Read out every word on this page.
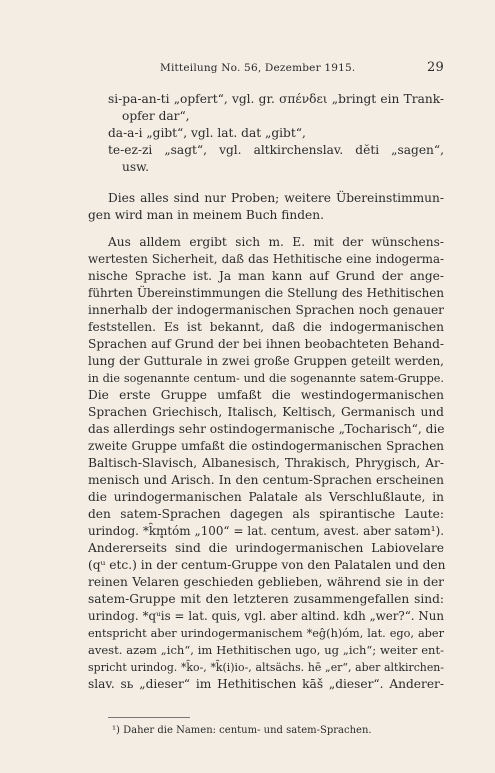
Mitteilung No. 56, Dezember 1915.	29
si-pa-an-ti „opfert“, vgl. gr. σπένδει „bringt ein Trank-
opfer dar“,
da-a-i „gibt“, vgl. lat. dat „gibt“,
te-ez-zi „sagt“, vgl. altkirchenslav. dĕti „sagen“,
usw.
Dies alles sind nur Proben; weitere Übereinstimmun-
gen wird man in meinem Buch finden.
Aus alldem ergibt sich m. E. mit der wünschens-
wertesten Sicherheit, daß das Hethitische eine indogerma-
nische Sprache ist. Ja man kann auf Grund der ange-
führten Übereinstimmungen die Stellung des Hethitischen
innerhalb der indogermanischen Sprachen noch genauer
feststellen. Es ist bekannt, daß die indogermanischen
Sprachen auf Grund der bei ihnen beobachteten Behand-
lung der Gutturale in zwei große Gruppen geteilt werden,
in die sogenannte centum- und die sogenannte satem-Gruppe.
Die erste Gruppe umfaßt die westindogermanischen
Sprachen Griechisch, Italisch, Keltisch, Germanisch und
das allerdings sehr ostindogermanische „Tocharisch“, die
zweite Gruppe umfaßt die ostindogermanischen Sprachen
Baltisch-Slavisch, Albanesisch, Thrakisch, Phrygisch, Ar-
menisch und Arisch. In den centum-Sprachen erscheinen
die urindogermanischen Palatale als Verschlußlaute, in
den satem-Sprachen dagegen als spirantische Laute:
urindog. *k̑m̥tóm „100“ = lat. centum, avest. aber satəm¹).
Andererseits sind die urindogermanischen Labiovelare
(qᵘ etc.) in der centum-Gruppe von den Palatalen und den
reinen Velaren geschieden geblieben, während sie in der
satem-Gruppe mit den letzteren zusammengefallen sind:
urindog. *qᵘis = lat. quis, vgl. aber altind. kdh „wer?“. Nun
entspricht aber urindogermanischem *eĝ(h)óm, lat. ego, aber
avest. azəm „ich“, im Hethitischen ugo, ug „ich“; weiter ent-
spricht urindog. *k̑o-, *k̑(i)io-, altsächs. hē „er“, aber altkirchen-
slav. sь „dieser“ im Hethitischen kāš „dieser“. Anderer-
¹) Daher die Namen: centum- und satem-Sprachen.
